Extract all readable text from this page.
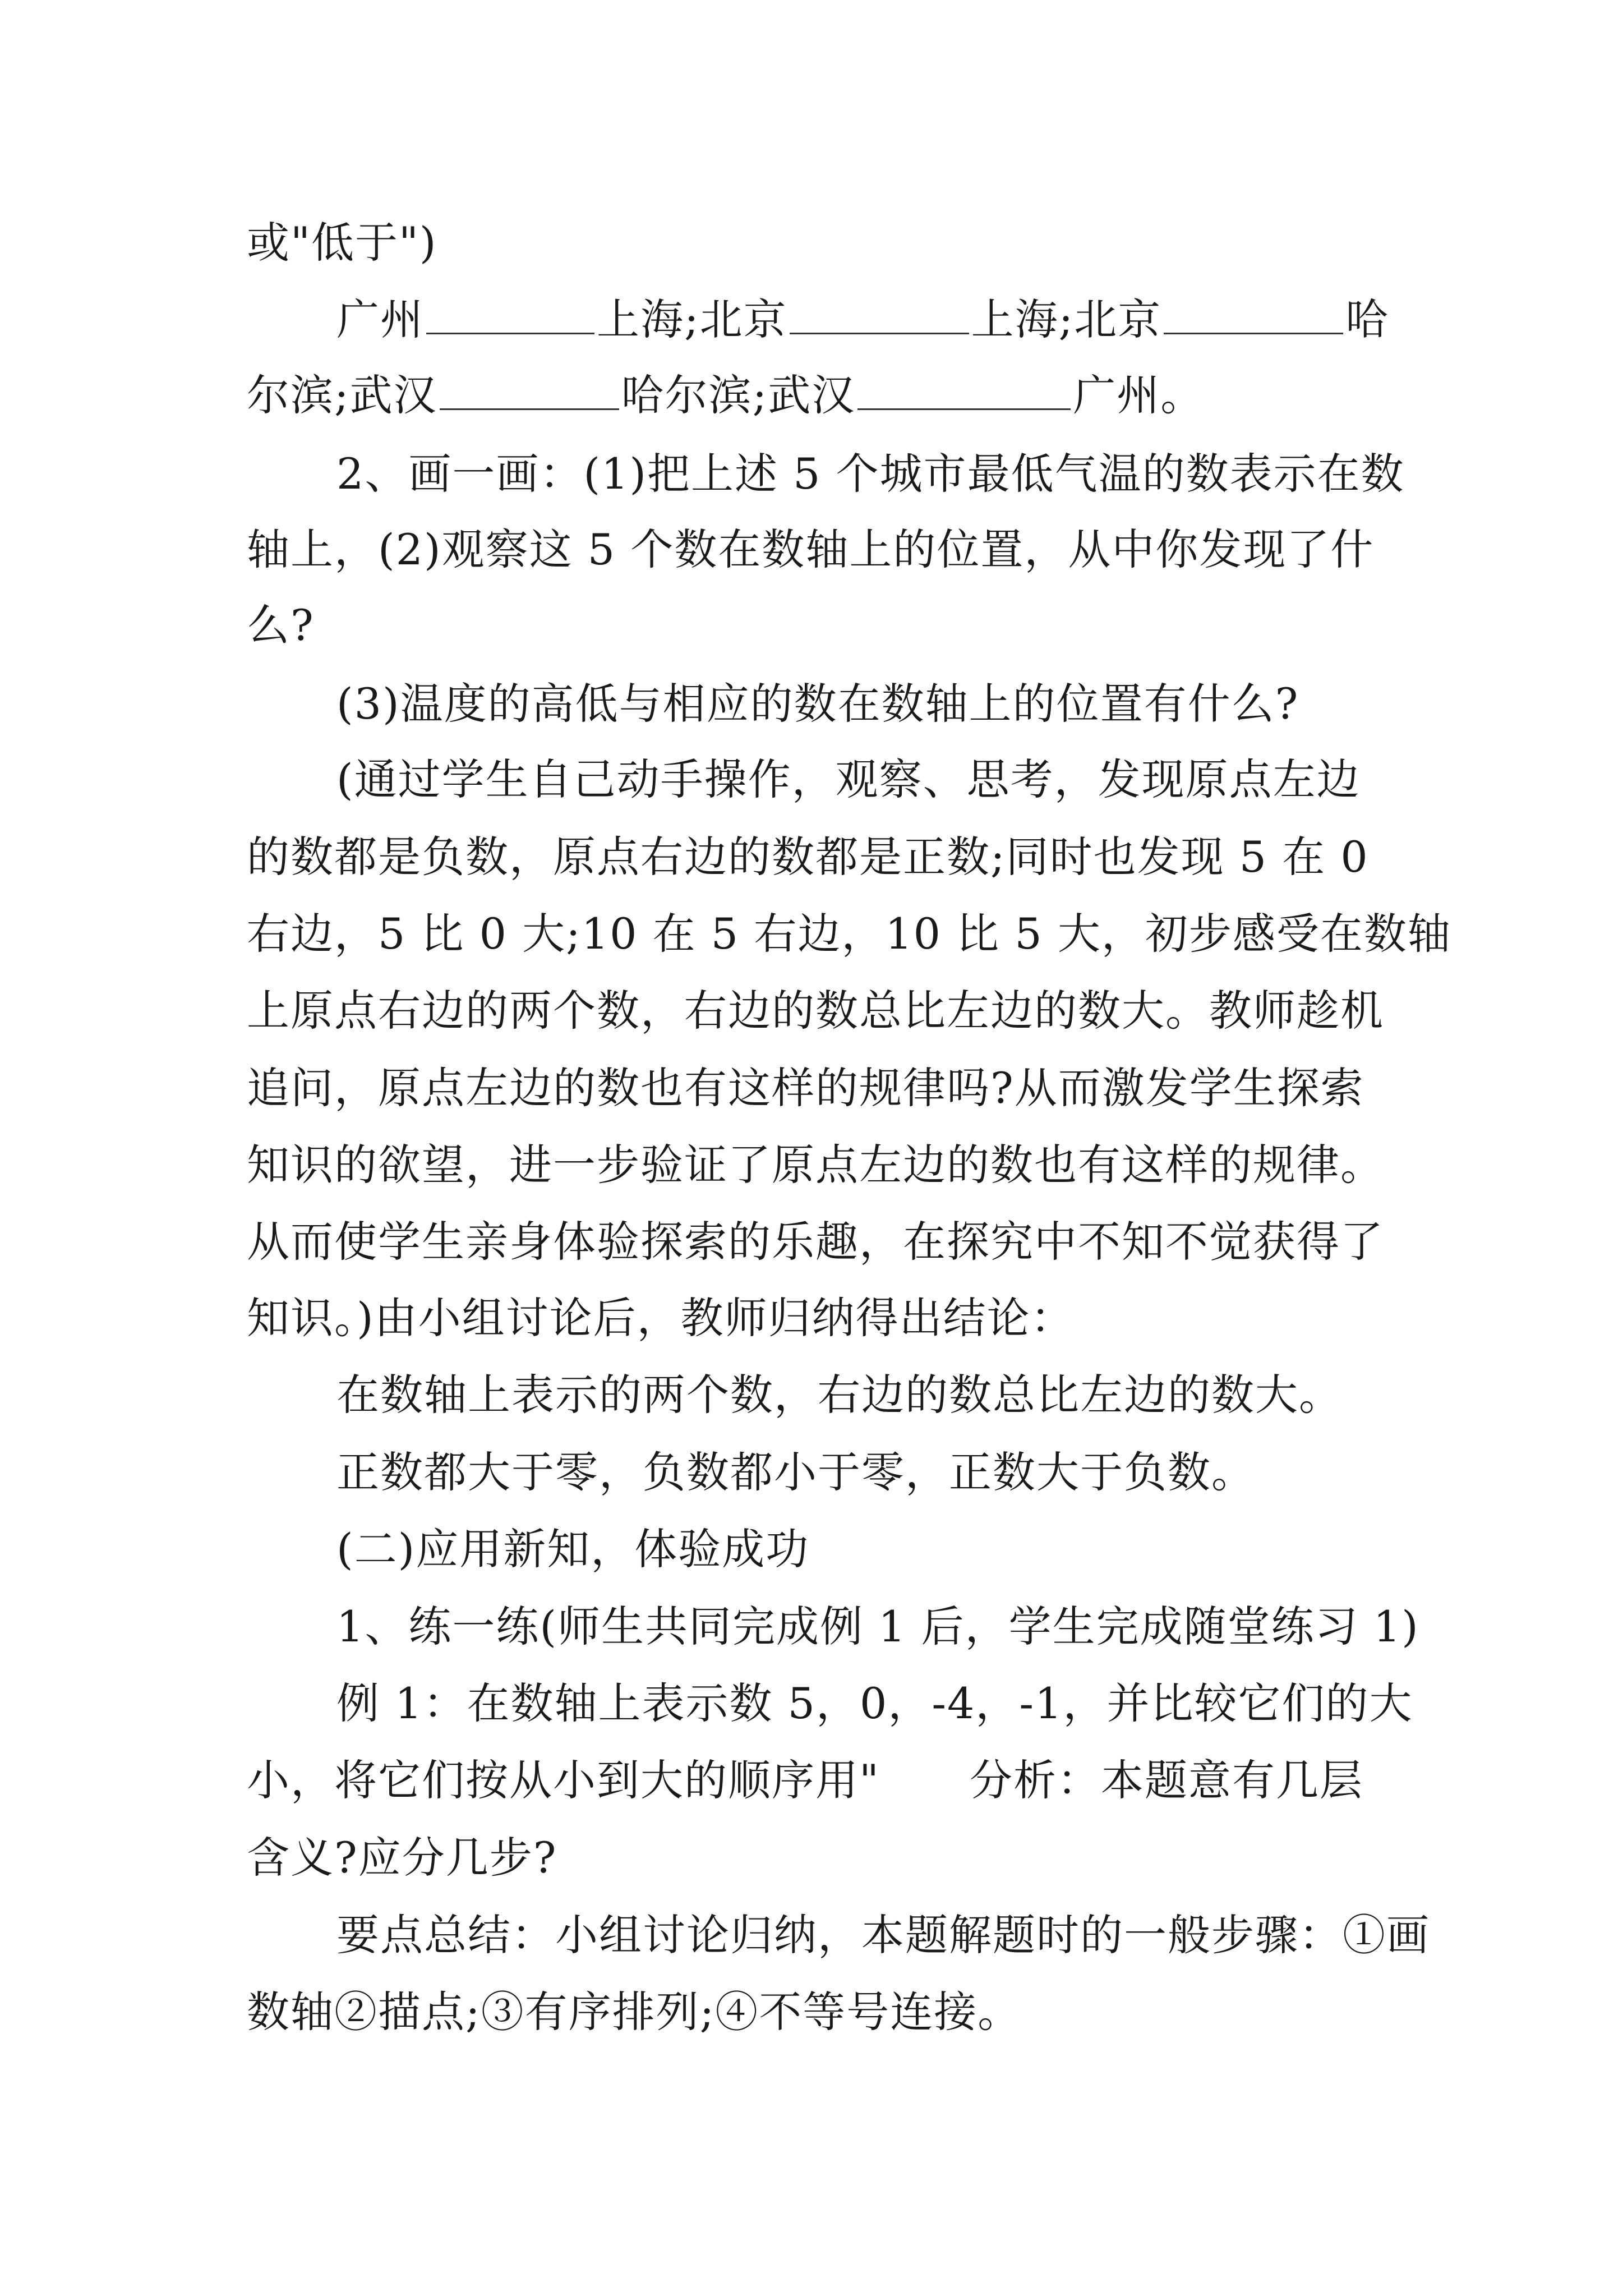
或"低于")
广州	上海;北京	上海;北京	哈
尔滨;武汉	哈尔滨;武汉	广州。
2、画一画：(1)把上述 5 个城市最低气温的数表示在数
轴上，(2)观察这 5 个数在数轴上的位置，从中你发现了什
么?
(3)温度的高低与相应的数在数轴上的位置有什么?
(通过学生自己动手操作，观察、思考，发现原点左边
的数都是负数，原点右边的数都是正数;同时也发现 5 在 0
右边，5 比 0 大;10 在 5 右边，10 比 5 大，初步感受在数轴
上原点右边的两个数，右边的数总比左边的数大。教师趁机
追问，原点左边的数也有这样的规律吗?从而激发学生探索
知识的欲望，进一步验证了原点左边的数也有这样的规律。
从而使学生亲身体验探索的乐趣，在探究中不知不觉获得了
知识。)由小组讨论后，教师归纳得出结论：
在数轴上表示的两个数，右边的数总比左边的数大。
正数都大于零，负数都小于零，正数大于负数。
(二)应用新知，体验成功
1、练一练(师生共同完成例 1 后，学生完成随堂练习 1)
例 1：在数轴上表示数 5，0，-4，-1，并比较它们的大
小，将它们按从小到大的顺序用" 分析：本题意有几层
含义?应分几步?
要点总结：小组讨论归纳，本题解题时的一般步骤：①画
数轴②描点;③有序排列;④不等号连接。
